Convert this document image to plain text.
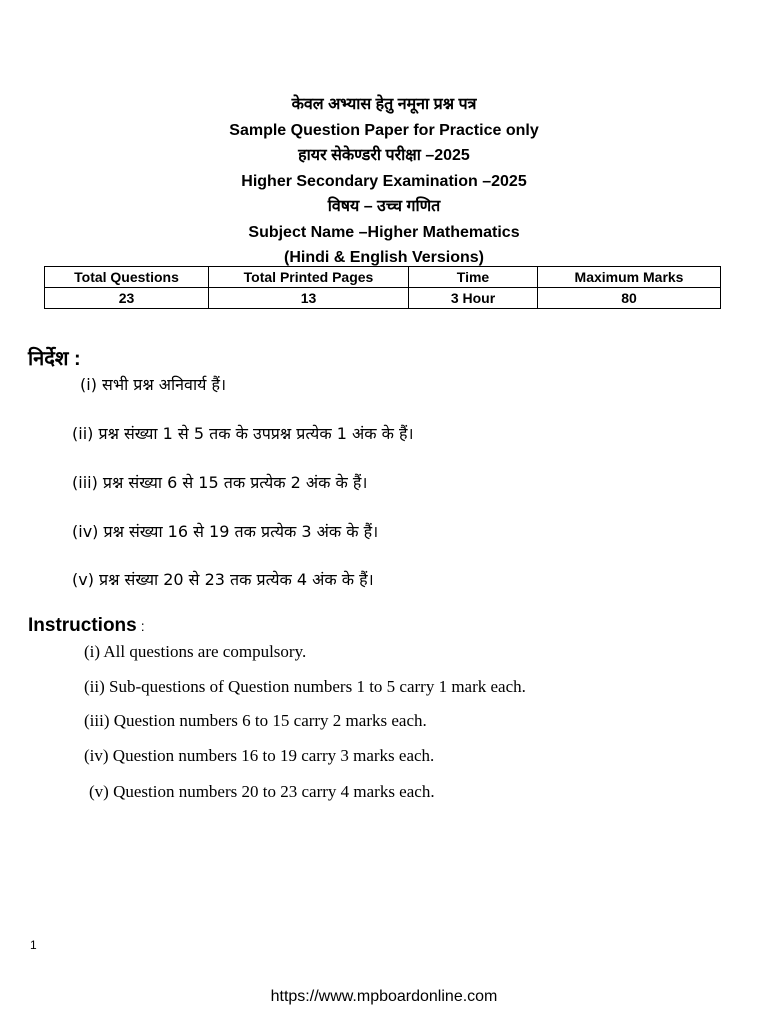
केवल अभ्यास हेतु नमूना प्रश्न पत्र
Sample Question Paper for Practice only
हायर सेकेण्डरी परीक्षा –2025
Higher Secondary Examination –2025
विषय – उच्च गणित
Subject Name –Higher Mathematics
(Hindi & English Versions)
Total Questions	Total Printed Pages	Time	Maximum Marks
23	13	3 Hour	80
निर्देश :
(i) सभी प्रश्न अनिवार्य हैं।
(ii) प्रश्न संख्या 1 से 5 तक के उपप्रश्न प्रत्येक 1 अंक के हैं।
(iii) प्रश्न संख्या 6 से 15 तक प्रत्येक 2 अंक के हैं।
(iv) प्रश्न संख्या 16 से 19 तक प्रत्येक 3 अंक के हैं।
(v) प्रश्न संख्या 20 से 23 तक प्रत्येक 4 अंक के हैं।
Instructions :
(i) All questions are compulsory.
(ii) Sub-questions of Question numbers 1 to 5 carry 1 mark each.
(iii) Question numbers 6 to 15 carry 2 marks each.
(iv) Question numbers 16 to 19 carry 3 marks each.
(v) Question numbers 20 to 23 carry 4 marks each.
1
https://www.mpboardonline.com
